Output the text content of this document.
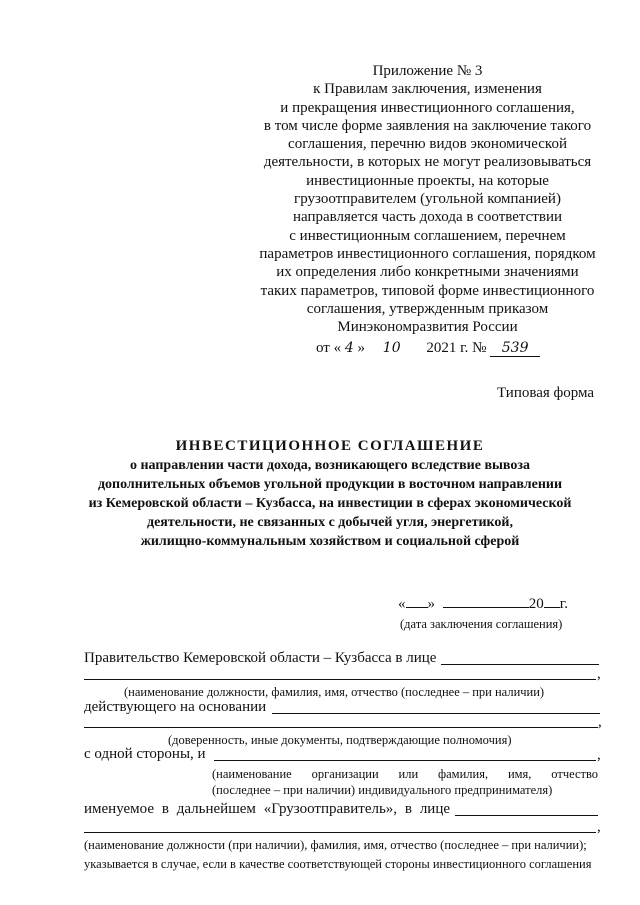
Приложение № 3
к Правилам заключения, изменения
и прекращения инвестиционного соглашения,
в том числе форме заявления на заключение такого
соглашения, перечню видов экономической
деятельности, в которых не могут реализовываться
инвестиционные проекты, на которые
грузоотправителем (угольной компанией)
направляется часть дохода в соответствии
с инвестиционным соглашением, перечнем
параметров инвестиционного соглашения, порядком
их определения либо конкретными значениями
таких параметров, типовой форме инвестиционного
соглашения, утвержденным приказом
Минэкономразвития России
от « 4 » 10 2021 г. № 539
Типовая форма
ИНВЕСТИЦИОННОЕ СОГЛАШЕНИЕ
о направлении части дохода, возникающего вследствие вывоза
дополнительных объемов угольной продукции в восточном направлении
из Кемеровской области – Кузбасса, на инвестиции в сферах экономической
деятельности, не связанных с добычей угля, энергетикой,
жилищно-коммунальным хозяйством и социальной сферой
« »	20 г.
(дата заключения соглашения)
Правительство Кемеровской области – Кузбасса в лице
,
(наименование должности, фамилия, имя, отчество (последнее – при наличии)
действующего на основании
,
(доверенность, иные документы, подтверждающие полномочия)
с одной стороны, и	,
(наименование организации или фамилия, имя, отчество
(последнее – при наличии) индивидуального предпринимателя)
именуемое в дальнейшем «Грузоотправитель», в лице
,
(наименование должности (при наличии), фамилия, имя, отчество (последнее – при наличии);
указывается в случае, если в качестве соответствующей стороны инвестиционного соглашения
